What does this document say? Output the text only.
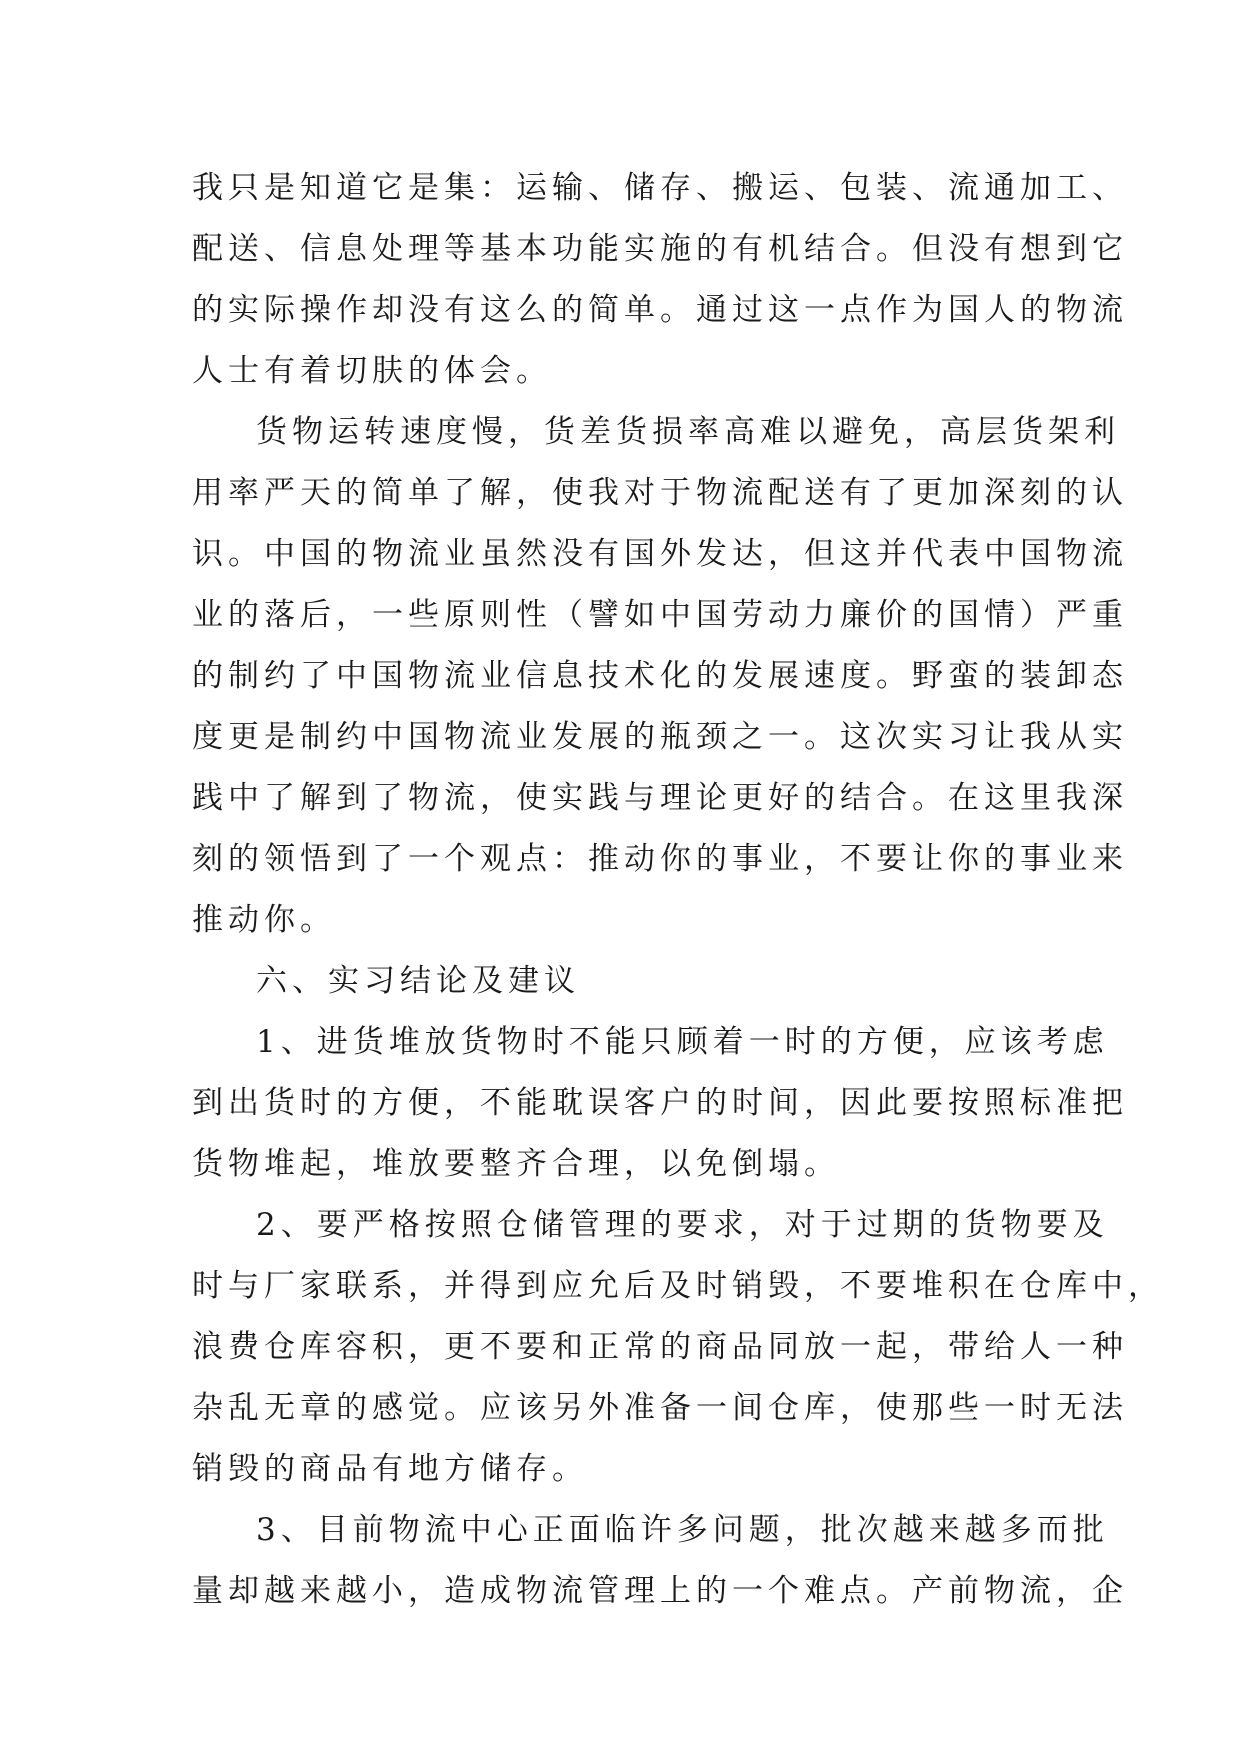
我只是知道它是集：运输、储存、搬运、包装、流通加工、
配送、信息处理等基本功能实施的有机结合。但没有想到它
的实际操作却没有这么的简单。通过这一点作为国人的物流
人士有着切肤的体会。
货物运转速度慢，货差货损率高难以避免，高层货架利
用率严天的简单了解，使我对于物流配送有了更加深刻的认
识。中国的物流业虽然没有国外发达，但这并代表中国物流
业的落后，一些原则性（譬如中国劳动力廉价的国情）严重
的制约了中国物流业信息技术化的发展速度。野蛮的装卸态
度更是制约中国物流业发展的瓶颈之一。这次实习让我从实
践中了解到了物流，使实践与理论更好的结合。在这里我深
刻的领悟到了一个观点：推动你的事业，不要让你的事业来
推动你。
六、实习结论及建议
1、进货堆放货物时不能只顾着一时的方便，应该考虑
到出货时的方便，不能耽误客户的时间，因此要按照标准把
货物堆起，堆放要整齐合理，以免倒塌。
2、要严格按照仓储管理的要求，对于过期的货物要及
时与厂家联系，并得到应允后及时销毁，不要堆积在仓库中，
浪费仓库容积，更不要和正常的商品同放一起，带给人一种
杂乱无章的感觉。应该另外准备一间仓库，使那些一时无法
销毁的商品有地方储存。
3、目前物流中心正面临许多问题，批次越来越多而批
量却越来越小，造成物流管理上的一个难点。产前物流，企
